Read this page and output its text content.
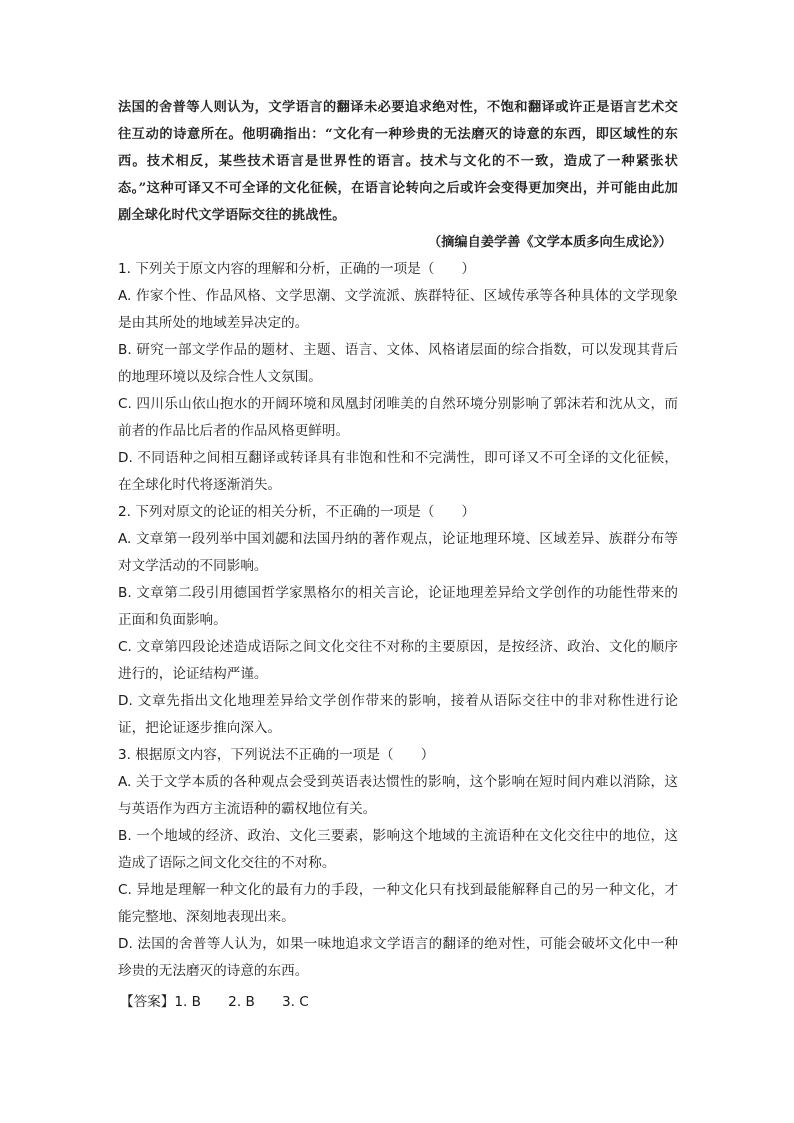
法国的舍普等人则认为，文学语言的翻译未必要追求绝对性，不饱和翻译或许正是语言艺术交往互动的诗意所在。他明确指出：“文化有一种珍贵的无法磨灭的诗意的东西，即区域性的东西。技术相反，某些技术语言是世界性的语言。技术与文化的不一致，造成了一种紧张状态。”这种可译又不可全译的文化征候，在语言论转向之后或许会变得更加突出，并可能由此加剧全球化时代文学语际交往的挑战性。

（摘编自姜学善《文学本质多向生成论》）

1. 下列关于原文内容的理解和分析，正确的一项是（　　）

A. 作家个性、作品风格、文学思潮、文学流派、族群特征、区域传承等各种具体的文学现象是由其所处的地域差异决定的。

B. 研究一部文学作品的题材、主题、语言、文体、风格诸层面的综合指数，可以发现其背后的地理环境以及综合性人文氛围。

C. 四川乐山依山抱水的开阔环境和凤凰封闭唯美的自然环境分别影响了郭沫若和沈从文，而前者的作品比后者的作品风格更鲜明。

D. 不同语种之间相互翻译或转译具有非饱和性和不完满性，即可译又不可全译的文化征候，在全球化时代将逐渐消失。

2. 下列对原文的论证的相关分析，不正确的一项是（　　）

A. 文章第一段列举中国刘勰和法国丹纳的著作观点，论证地理环境、区域差异、族群分布等对文学活动的不同影响。

B. 文章第二段引用德国哲学家黑格尔的相关言论，论证地理差异给文学创作的功能性带来的正面和负面影响。

C. 文章第四段论述造成语际之间文化交往不对称的主要原因，是按经济、政治、文化的顺序进行的，论证结构严谨。

D. 文章先指出文化地理差异给文学创作带来的影响，接着从语际交往中的非对称性进行论证，把论证逐步推向深入。

3. 根据原文内容，下列说法不正确的一项是（　　）

A. 关于文学本质的各种观点会受到英语表达惯性的影响，这个影响在短时间内难以消除，这与英语作为西方主流语种的霸权地位有关。

B. 一个地域的经济、政治、文化三要素，影响这个地域的主流语种在文化交往中的地位，这造成了语际之间文化交往的不对称。

C. 异地是理解一种文化的最有力的手段，一种文化只有找到最能解释自己的另一种文化，才能完整地、深刻地表现出来。

D. 法国的舍普等人认为，如果一味地追求文学语言的翻译的绝对性，可能会破坏文化中一种珍贵的无法磨灭的诗意的东西。

【答案】1. B　　2. B　　3. C
